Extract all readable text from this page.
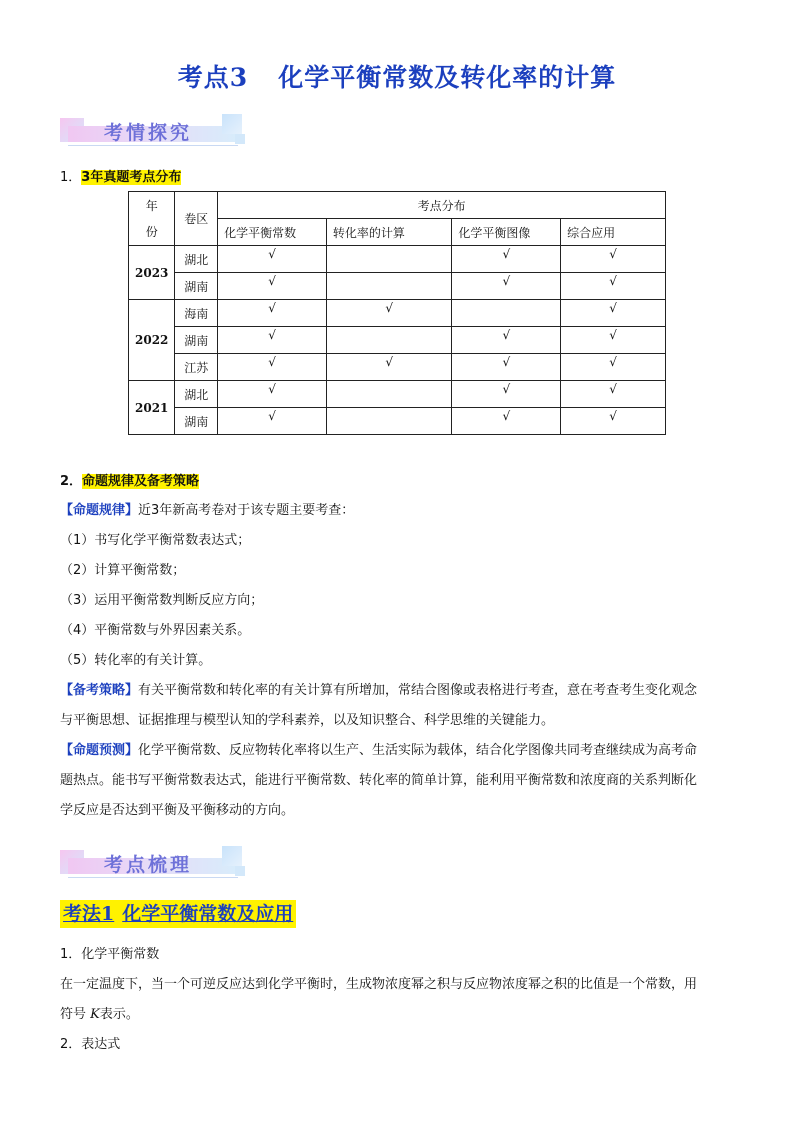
考点3 化学平衡常数及转化率的计算
考情探究
1．3年真题考点分布
年
份	卷区	考点分布			
		化学平衡常数	转化率的计算	化学平衡图像	综合应用
2023	湖北	√		√	√
	湖南	√		√	√
2022	海南	√	√		√
	湖南	√		√	√
	江苏	√	√	√	√
2021	湖北	√		√	√
	湖南	√		√	√
2．命题规律及备考策略
【命题规律】近3年新高考卷对于该专题主要考查：
（1）书写化学平衡常数表达式；
（2）计算平衡常数；
（3）运用平衡常数判断反应方向；
（4）平衡常数与外界因素关系。
（5）转化率的有关计算。
【备考策略】有关平衡常数和转化率的有关计算有所增加，常结合图像或表格进行考查，意在考查考生变化观念
与平衡思想、证据推理与模型认知的学科素养，以及知识整合、科学思维的关键能力。
【命题预测】化学平衡常数、反应物转化率将以生产、生活实际为载体，结合化学图像共同考查继续成为高考命
题热点。能书写平衡常数表达式，能进行平衡常数、转化率的简单计算，能利用平衡常数和浓度商的关系判断化
学反应是否达到平衡及平衡移动的方向。
考点梳理
考法1 化学平衡常数及应用
1．化学平衡常数
在一定温度下，当一个可逆反应达到化学平衡时，生成物浓度幂之积与反应物浓度幂之积的比值是一个常数，用
符号 K表示。
2．表达式
